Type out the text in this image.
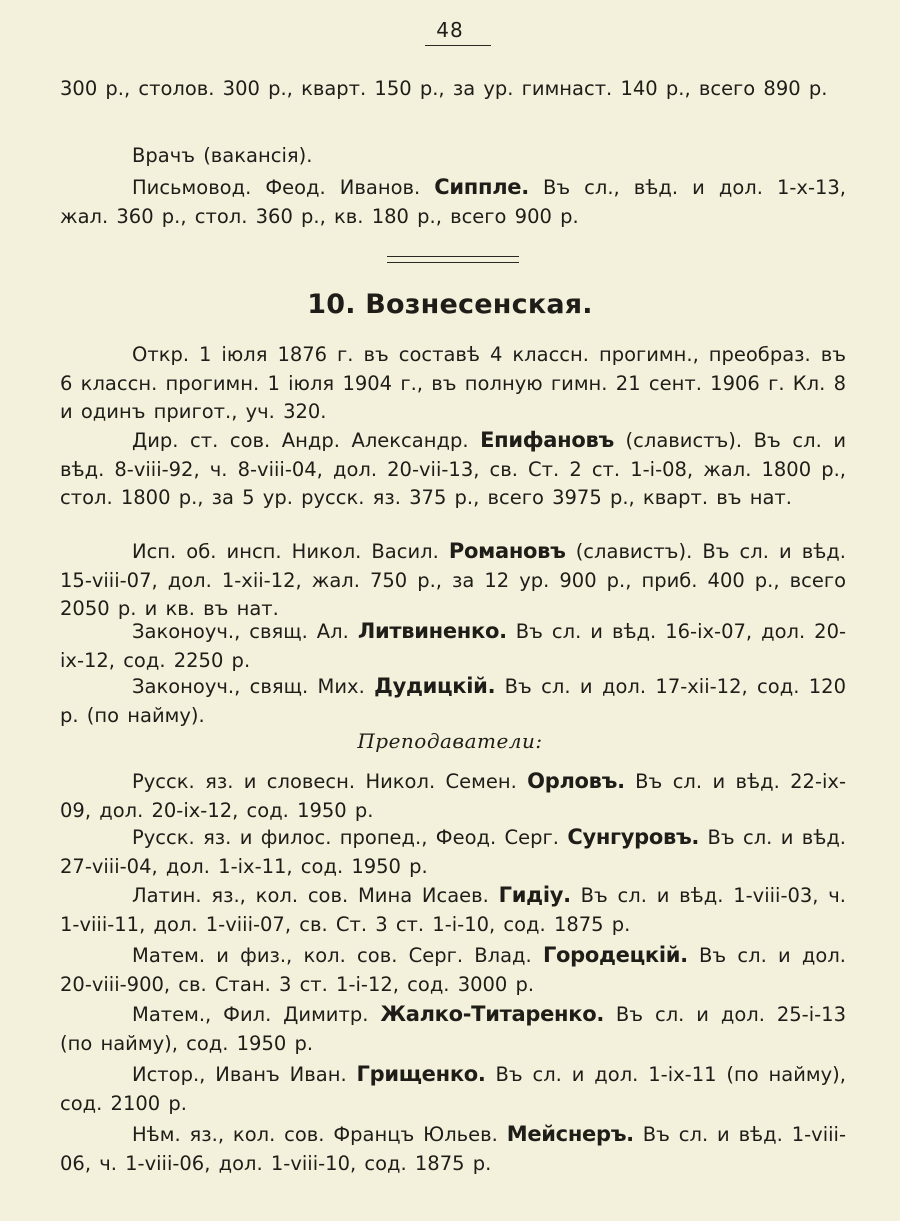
48
300 р., столов. 300 р., кварт. 150 р., за ур. гимнаст. 140 р., всего 890 р.
Врачъ (вакансія).
Письмовод. Феод. Иванов. Сиппле. Въ сл., вѣд. и дол. 1-х-13, жал. 360 р., стол. 360 р., кв. 180 р., всего 900 р.
10. Вознесенская.
Откр. 1 іюля 1876 г. въ составѣ 4 классн. прогимн., преобраз. въ 6 классн. прогимн. 1 іюля 1904 г., въ полную гимн. 21 сент. 1906 г. Кл. 8 и одинъ пригот., уч. 320.
Дир. ст. сов. Андр. Александр. Епифановъ (славистъ). Въ сл. и вѣд. 8-viii-92, ч. 8-viii-04, дол. 20-vii-13, св. Ст. 2 ст. 1-i-08, жал. 1800 р., стол. 1800 р., за 5 ур. русск. яз. 375 р., всего 3975 р., кварт. въ нат.
Исп. об. инсп. Никол. Васил. Романовъ (славистъ). Въ сл. и вѣд. 15-viii-07, дол. 1-xii-12, жал. 750 р., за 12 ур. 900 р., приб. 400 р., всего 2050 р. и кв. въ нат.
Законоуч., свящ. Ал. Литвиненко. Въ сл. и вѣд. 16-ix-07, дол. 20-ix-12, сод. 2250 р.
Законоуч., свящ. Мих. Дудицкій. Въ сл. и дол. 17-xii-12, сод. 120 р. (по найму).
Преподаватели:
Русск. яз. и словесн. Никол. Семен. Орловъ. Въ сл. и вѣд. 22-ix-09, дол. 20-ix-12, сод. 1950 р.
Русск. яз. и филос. пропед., Феод. Серг. Сунгуровъ. Въ сл. и вѣд. 27-viii-04, дол. 1-ix-11, сод. 1950 р.
Латин. яз., кол. сов. Мина Исаев. Гидіу. Въ сл. и вѣд. 1-viii-03, ч. 1-viii-11, дол. 1-viii-07, св. Ст. 3 ст. 1-i-10, сод. 1875 р.
Матем. и физ., кол. сов. Серг. Влад. Городецкій. Въ сл. и дол. 20-viii-900, св. Стан. 3 ст. 1-i-12, сод. 3000 р.
Матем., Фил. Димитр. Жалко-Титаренко. Въ сл. и дол. 25-i-13 (по найму), сод. 1950 р.
Истор., Иванъ Иван. Грищенко. Въ сл. и дол. 1-ix-11 (по найму), сод. 2100 р.
Нѣм. яз., кол. сов. Францъ Юльев. Мейснеръ. Въ сл. и вѣд. 1-viii-06, ч. 1-viii-06, дол. 1-viii-10, сод. 1875 р.
